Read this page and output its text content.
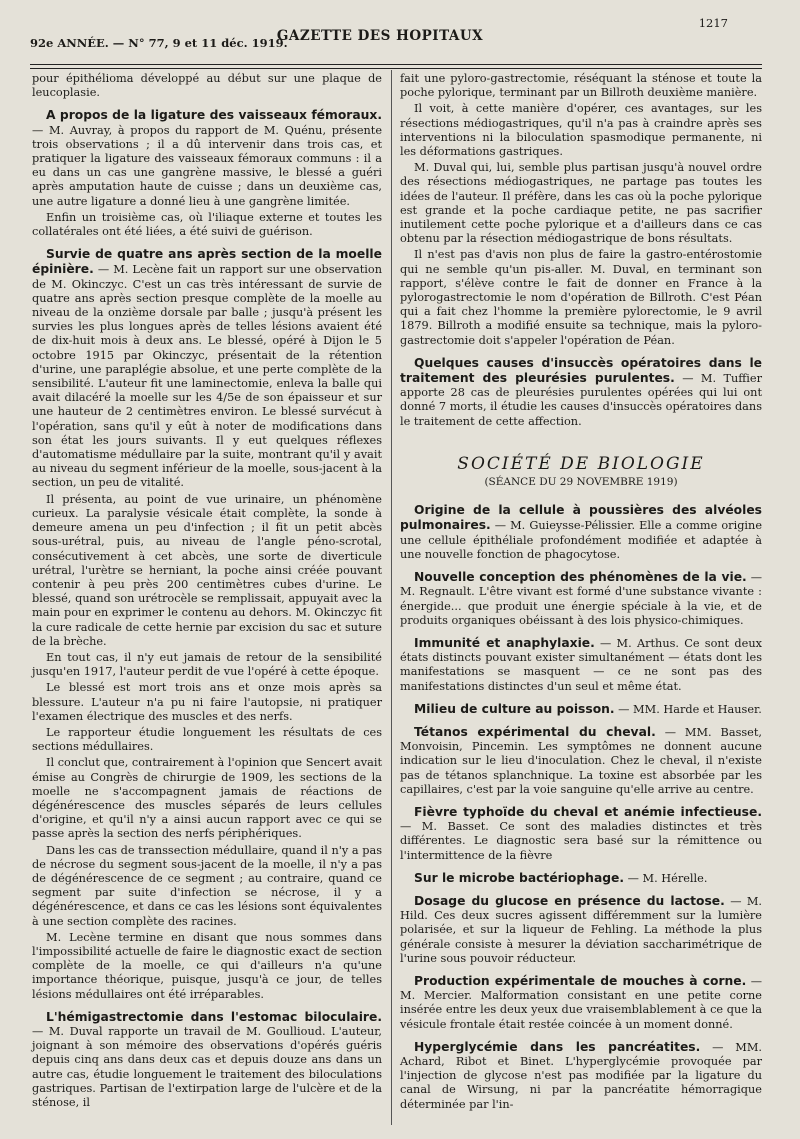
92e ANNÉE. — N° 77, 9 et 11 déc. 1919.
GAZETTE DES HOPITAUX
1217

pour épithélioma développé au début sur une plaque de leucoplasie.

A propos de la ligature des vaisseaux fémoraux. — M. Auvray, à propos du rapport de M. Quénu, présente trois observations ; il a dû intervenir dans trois cas, et pratiquer la ligature des vaisseaux fémoraux communs : il a eu dans un cas une gangrène massive, le blessé a guéri après amputation haute de cuisse ; dans un deuxième cas, une autre ligature a donné lieu à une gangrène limitée.

Enfin un troisième cas, où l'iliaque externe et toutes les collatérales ont été liées, a été suivi de guérison.

Survie de quatre ans après section de la moelle épinière. — M. Lecène fait un rapport sur une observation de M. Okinczyc. C'est un cas très intéressant de survie de quatre ans après section presque complète de la moelle au niveau de la onzième dorsale par balle ; jusqu'à présent les survies les plus longues après de telles lésions avaient été de dix-huit mois à deux ans. Le blessé, opéré à Dijon le 5 octobre 1915 par Okinczyc, présentait de la rétention d'urine, une paraplégie absolue, et une perte complète de la sensibilité. L'auteur fit une laminectomie, enleva la balle qui avait dilacéré la moelle sur les 4/5e de son épaisseur et sur une hauteur de 2 centimètres environ. Le blessé survécut à l'opération, sans qu'il y eût à noter de modifications dans son état les jours suivants. Il y eut quelques réflexes d'automatisme médullaire par la suite, montrant qu'il y avait au niveau du segment inférieur de la moelle, sous-jacent à la section, un peu de vitalité.

Il présenta, au point de vue urinaire, un phénomène curieux. La paralysie vésicale était complète, la sonde à demeure amena un peu d'infection ; il fit un petit abcès sous-urétral, puis, au niveau de l'angle péno-scrotal, consécutivement à cet abcès, une sorte de diverticule urétral, l'urètre se herniant, la poche ainsi créée pouvant contenir à peu près 200 centimètres cubes d'urine. Le blessé, quand son urétrocèle se remplissait, appuyait avec la main pour en exprimer le contenu au dehors. M. Okinczyc fit la cure radicale de cette hernie par excision du sac et suture de la brèche.

En tout cas, il n'y eut jamais de retour de la sensibilité jusqu'en 1917, l'auteur perdit de vue l'opéré à cette époque.

Le blessé est mort trois ans et onze mois après sa blessure. L'auteur n'a pu ni faire l'autopsie, ni pratiquer l'examen électrique des muscles et des nerfs.

Le rapporteur étudie longuement les résultats de ces sections médullaires.

Il conclut que, contrairement à l'opinion que Sencert avait émise au Congrès de chirurgie de 1909, les sections de la moelle ne s'accompagnent jamais de réactions de dégénérescence des muscles séparés de leurs cellules d'origine, et qu'il n'y a ainsi aucun rapport avec ce qui se passe après la section des nerfs périphériques.

Dans les cas de transsection médullaire, quand il n'y a pas de nécrose du segment sous-jacent de la moelle, il n'y a pas de dégénérescence de ce segment ; au contraire, quand ce segment par suite d'infection se nécrose, il y a dégénérescence, et dans ce cas les lésions sont équivalentes à une section complète des racines.

M. Lecène termine en disant que nous sommes dans l'impossibilité actuelle de faire le diagnostic exact de section complète de la moelle, ce qui d'ailleurs n'a qu'une importance théorique, puisque, jusqu'à ce jour, de telles lésions médullaires ont été irréparables.

L'hémigastrectomie dans l'estomac biloculaire. — M. Duval rapporte un travail de M. Goullioud. L'auteur, joignant à son mémoire des observations d'opérés guéris depuis cinq ans dans deux cas et depuis douze ans dans un autre cas, étudie longuement le traitement des biloculations gastriques. Partisan de l'extirpation large de l'ulcère et de la sténose, il

fait une pyloro-gastrectomie, réséquant la sténose et toute la poche pylorique, terminant par un Billroth deuxième manière.

Il voit, à cette manière d'opérer, ces avantages, sur les résections médiogastriques, qu'il n'a pas à craindre après ses interventions ni la biloculation spasmodique permanente, ni les déformations gastriques.

M. Duval qui, lui, semble plus partisan jusqu'à nouvel ordre des résections médiogastriques, ne partage pas toutes les idées de l'auteur. Il préfère, dans les cas où la poche pylorique est grande et la poche cardiaque petite, ne pas sacrifier inutilement cette poche pylorique et a d'ailleurs dans ce cas obtenu par la résection médiogastrique de bons résultats.

Il n'est pas d'avis non plus de faire la gastro-entérostomie qui ne semble qu'un pis-aller. M. Duval, en terminant son rapport, s'élève contre le fait de donner en France à la pylorogastrectomie le nom d'opération de Billroth. C'est Péan qui a fait chez l'homme la première pylorectomie, le 9 avril 1879. Billroth a modifié ensuite sa technique, mais la pyloro-gastrectomie doit s'appeler l'opération de Péan.

Quelques causes d'insuccès opératoires dans le traitement des pleurésies purulentes. — M. Tuffier apporte 28 cas de pleurésies purulentes opérées qui lui ont donné 7 morts, il étudie les causes d'insuccès opératoires dans le traitement de cette affection.

SOCIÉTÉ DE BIOLOGIE
(SÉANCE DU 29 NOVEMBRE 1919)

Origine de la cellule à poussières des alvéoles pulmonaires. — M. Guieysse-Pélissier. Elle a comme origine une cellule épithéliale profondément modifiée et adaptée à une nouvelle fonction de phagocytose.

Nouvelle conception des phénomènes de la vie. — M. Regnault. L'être vivant est formé d'une substance vivante : énergide... que produit une énergie spéciale à la vie, et de produits organiques obéissant à des lois physico-chimiques.

Immunité et anaphylaxie. — M. Arthus. Ce sont deux états distincts pouvant exister simultanément — états dont les manifestations se masquent — ce ne sont pas des manifestations distinctes d'un seul et même état.

Milieu de culture au poisson. — MM. Harde et Hauser.

Tétanos expérimental du cheval. — MM. Basset, Monvoisin, Pincemin. Les symptômes ne donnent aucune indication sur le lieu d'inoculation. Chez le cheval, il n'existe pas de tétanos splanchnique. La toxine est absorbée par les capillaires, c'est par la voie sanguine qu'elle arrive au centre.

Fièvre typhoïde du cheval et anémie infectieuse. — M. Basset. Ce sont des maladies distinctes et très différentes. Le diagnostic sera basé sur la rémittence ou l'intermittence de la fièvre

Sur le microbe bactériophage. — M. Hérelle.

Dosage du glucose en présence du lactose. — M. Hild. Ces deux sucres agissent différemment sur la lumière polarisée, et sur la liqueur de Fehling. La méthode la plus générale consiste à mesurer la déviation saccharimétrique de l'urine sous pouvoir réducteur.

Production expérimentale de mouches à corne. — M. Mercier. Malformation consistant en une petite corne insérée entre les deux yeux due vraisemblablement à ce que la vésicule frontale était restée coincée à un moment donné.

Hyperglycémie dans les pancréatites. — MM. Achard, Ribot et Binet. L'hyperglycémie provoquée par l'injection de glycose n'est pas modifiée par la ligature du canal de Wirsung, ni par la pancréatite hémorragique déterminée par l'in-
